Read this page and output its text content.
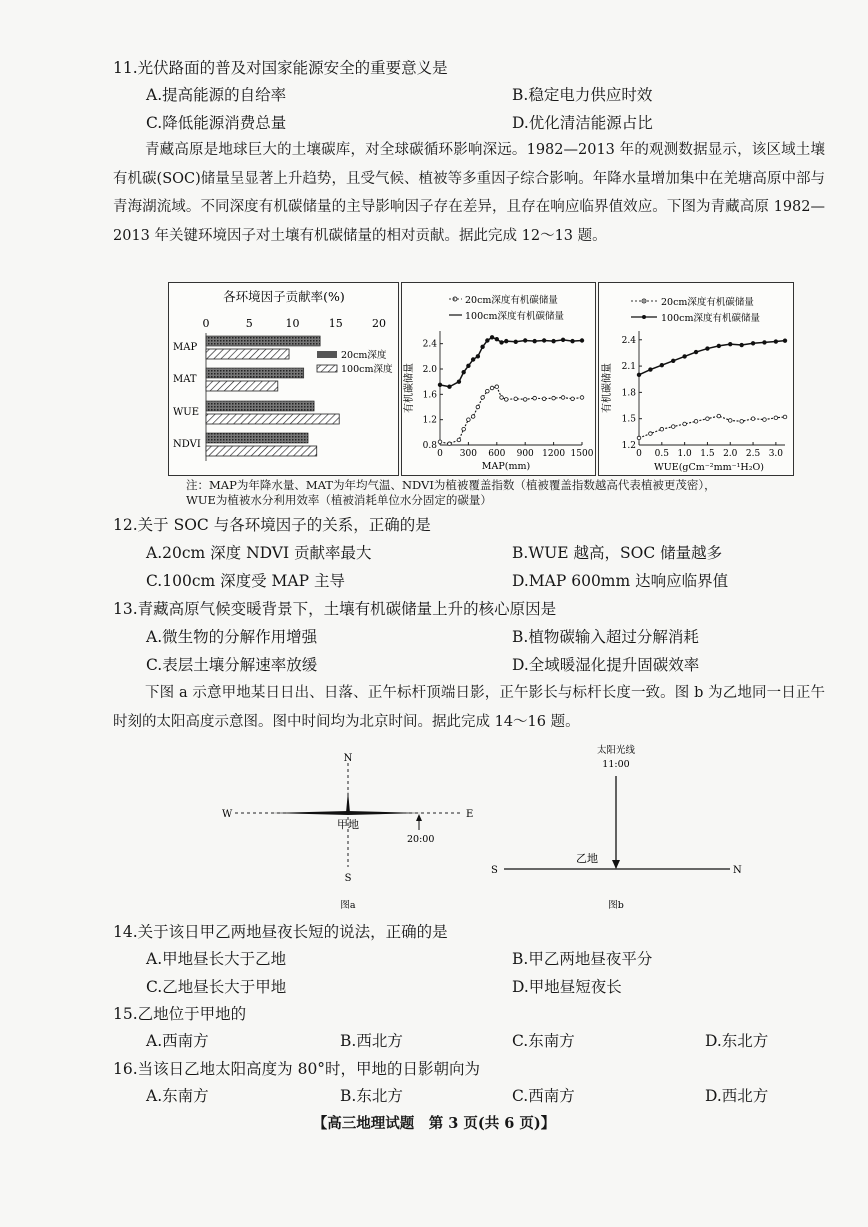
11.光伏路面的普及对国家能源安全的重要意义是
A.提高能源的自给率	B.稳定电力供应时效
C.降低能源消费总量	D.优化清洁能源占比
青藏高原是地球巨大的土壤碳库，对全球碳循环影响深远。1982—2013 年的观测数据显示，该区域土壤有机碳(SOC)储量呈显著上升趋势，且受气候、植被等多重因子综合影响。年降水量增加集中在羌塘高原中部与青海湖流域。不同深度有机碳储量的主导影响因子存在差异，且存在响应临界值效应。下图为青藏高原 1982—2013 年关键环境因子对土壤有机碳储量的相对贡献。据此完成 12～13 题。
各环境因子贡献率(%)
0	5	10	15	20
MAP
MAT
WUE
NDVI
20cm深度
100cm深度
20cm深度有机碳储量
100cm深度有机碳储量
2.4
2.0
1.6
1.2
0.8
0 300 600 900 1200 1500
有机碳储量
MAP(mm)
20cm深度有机碳储量
100cm深度有机碳储量
2.4
2.1
1.8
1.5
1.2
0 0.5 1.0 1.5 2.0 2.5 3.0
有机碳储量
WUE(gCm⁻²mm⁻¹H₂O)
注：MAP为年降水量、MAT为年均气温、NDVI为植被覆盖指数（植被覆盖指数越高代表植被更茂密），
WUE为植被水分利用效率（植被消耗单位水分固定的碳量）
12.关于 SOC 与各环境因子的关系，正确的是
A.20cm 深度 NDVI 贡献率最大	B.WUE 越高，SOC 储量越多
C.100cm 深度受 MAP 主导	D.MAP 600mm 达响应临界值
13.青藏高原气候变暖背景下，土壤有机碳储量上升的核心原因是
A.微生物的分解作用增强	B.植物碳输入超过分解消耗
C.表层土壤分解速率放缓	D.全域暖湿化提升固碳效率
下图 a 示意甲地某日日出、日落、正午标杆顶端日影，正午影长与标杆长度一致。图 b 为乙地同一日正午时刻的太阳高度示意图。图中时间均为北京时间。据此完成 14～16 题。
N
S
W	E
甲地
20:00
图a
太阳光线
11:00
乙地
S	N
图b
14.关于该日甲乙两地昼夜长短的说法，正确的是
A.甲地昼长大于乙地	B.甲乙两地昼夜平分
C.乙地昼长大于甲地	D.甲地昼短夜长
15.乙地位于甲地的
A.西南方	B.西北方	C.东南方	D.东北方
16.当该日乙地太阳高度为 80°时，甲地的日影朝向为
A.东南方	B.东北方	C.西南方	D.西北方
【高三地理试题　第 3 页(共 6 页)】
